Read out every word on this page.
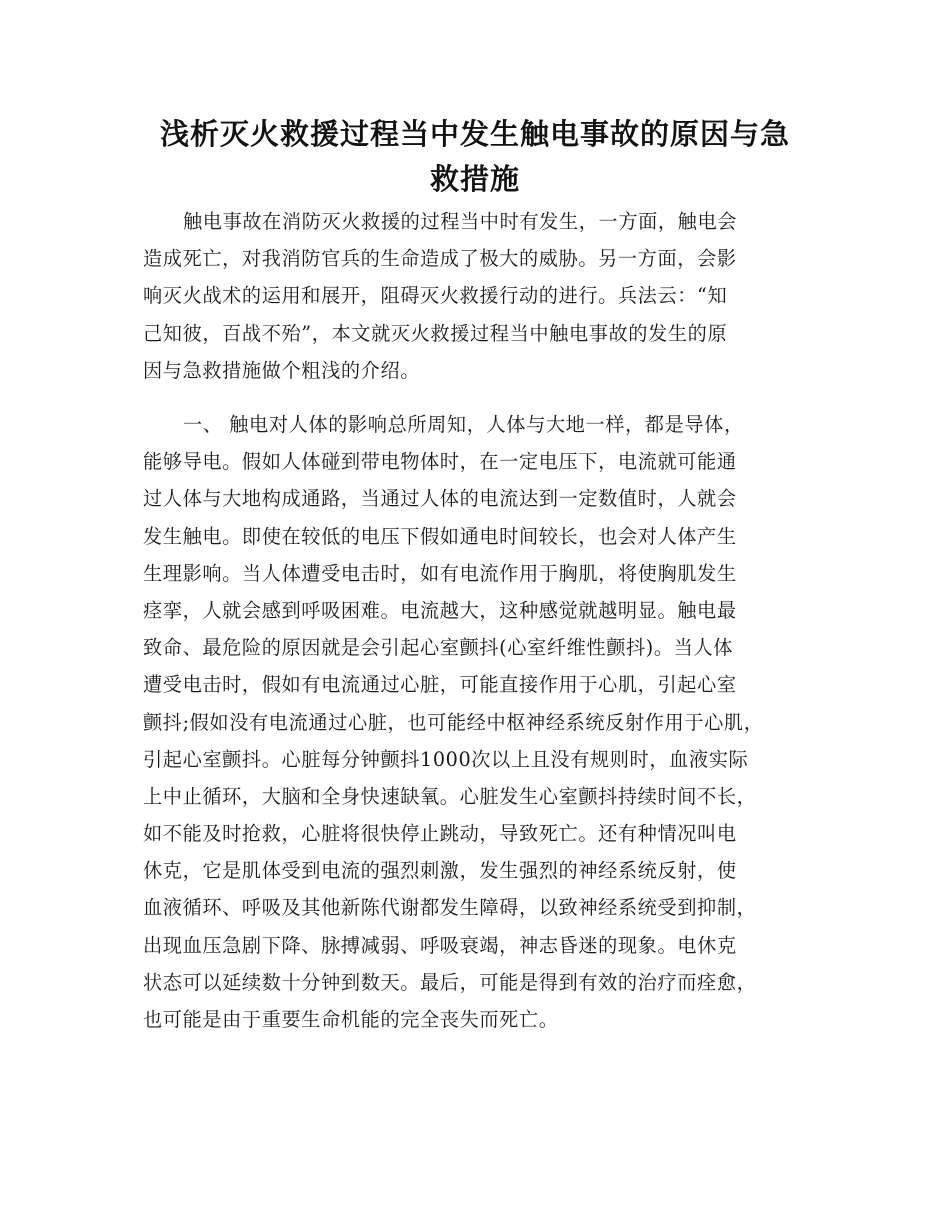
浅析灭火救援过程当中发生触电事故的原因与急
救措施
触电事故在消防灭火救援的过程当中时有发生，一方面，触电会
造成死亡，对我消防官兵的生命造成了极大的威胁。另一方面，会影
响灭火战术的运用和展开，阻碍灭火救援行动的进行。兵法云：“知
己知彼，百战不殆”，本文就灭火救援过程当中触电事故的发生的原
因与急救措施做个粗浅的介绍。
一、 触电对人体的影响总所周知，人体与大地一样，都是导体，
能够导电。假如人体碰到带电物体时，在一定电压下，电流就可能通
过人体与大地构成通路，当通过人体的电流达到一定数值时，人就会
发生触电。即使在较低的电压下假如通电时间较长，也会对人体产生
生理影响。当人体遭受电击时，如有电流作用于胸肌，将使胸肌发生
痉挛，人就会感到呼吸困难。电流越大，这种感觉就越明显。触电最
致命、最危险的原因就是会引起心室颤抖(心室纤维性颤抖)。当人体
遭受电击时，假如有电流通过心脏，可能直接作用于心肌，引起心室
颤抖;假如没有电流通过心脏，也可能经中枢神经系统反射作用于心肌，
引起心室颤抖。心脏每分钟颤抖1000次以上且没有规则时，血液实际
上中止循环，大脑和全身快速缺氧。心脏发生心室颤抖持续时间不长，
如不能及时抢救，心脏将很快停止跳动，导致死亡。还有种情况叫电
休克，它是肌体受到电流的强烈刺激，发生强烈的神经系统反射，使
血液循环、呼吸及其他新陈代谢都发生障碍，以致神经系统受到抑制，
出现血压急剧下降、脉搏减弱、呼吸衰竭，神志昏迷的现象。电休克
状态可以延续数十分钟到数天。最后，可能是得到有效的治疗而痊愈，
也可能是由于重要生命机能的完全丧失而死亡。
